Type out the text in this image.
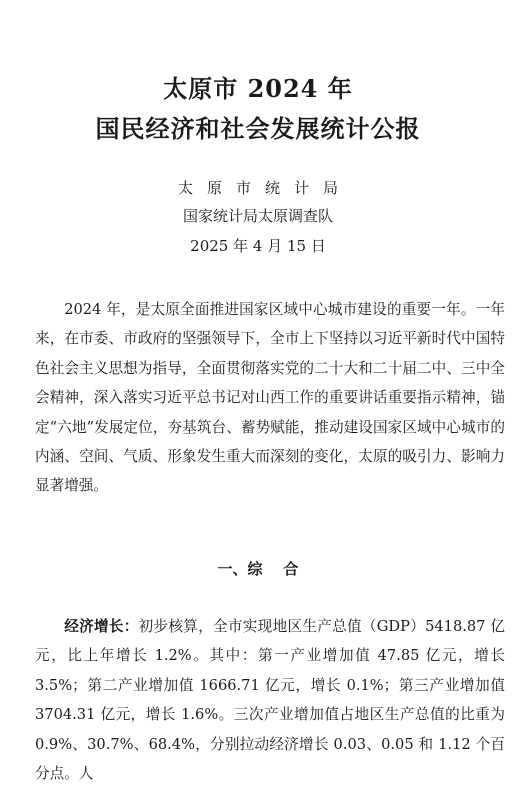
太原市 2024 年
国民经济和社会发展统计公报
太原市统计局
国家统计局太原调查队
2025 年 4 月 15 日

2024 年，是太原全面推进国家区域中心城市建设的重要一年。一年来，在市委、市政府的坚强领导下，全市上下坚持以习近平新时代中国特色社会主义思想为指导，全面贯彻落实党的二十大和二十届二中、三中全会精神，深入落实习近平总书记对山西工作的重要讲话重要指示精神，锚定“六地”发展定位，夯基筑台、蓄势赋能，推动建设国家区域中心城市的内涵、空间、气质、形象发生重大而深刻的变化，太原的吸引力、影响力显著增强。

一、综    合

经济增长：初步核算，全市实现地区生产总值（GDP）5418.87 亿元，比上年增长 1.2%。其中：第一产业增加值 47.85 亿元，增长 3.5%；第二产业增加值 1666.71 亿元，增长 0.1%；第三产业增加值 3704.31 亿元，增长 1.6%。三次产业增加值占地区生产总值的比重为 0.9%、30.7%、68.4%，分别拉动经济增长 0.03、0.05 和 1.12 个百分点。人
